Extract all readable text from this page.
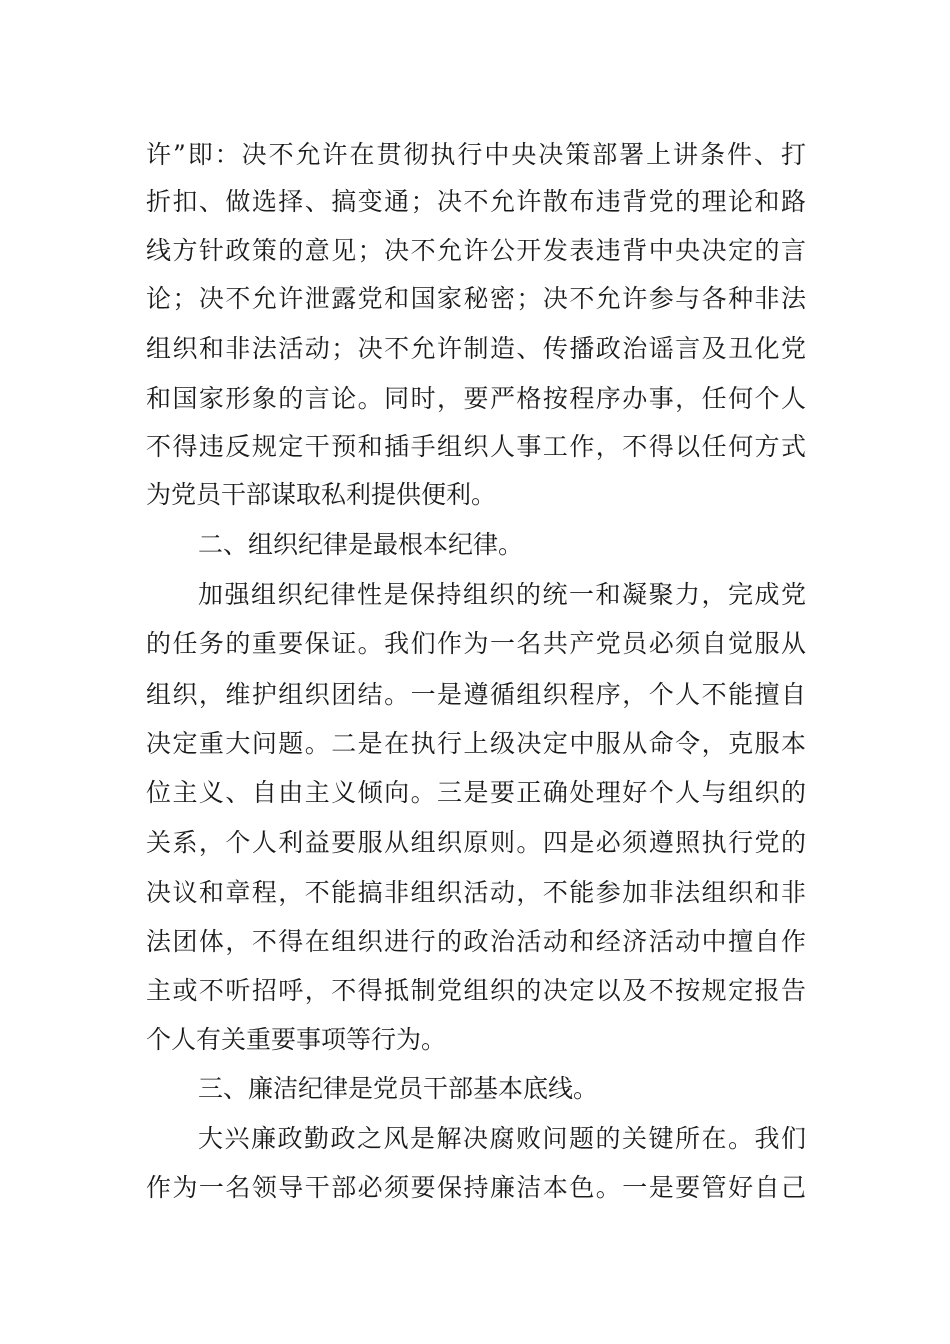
许”即：决不允许在贯彻执行中央决策部署上讲条件、打
折扣、做选择、搞变通；决不允许散布违背党的理论和路
线方针政策的意见；决不允许公开发表违背中央决定的言
论；决不允许泄露党和国家秘密；决不允许参与各种非法
组织和非法活动；决不允许制造、传播政治谣言及丑化党
和国家形象的言论。同时，要严格按程序办事，任何个人
不得违反规定干预和插手组织人事工作，不得以任何方式
为党员干部谋取私利提供便利。
二、组织纪律是最根本纪律。
加强组织纪律性是保持组织的统一和凝聚力，完成党
的任务的重要保证。我们作为一名共产党员必须自觉服从
组织，维护组织团结。一是遵循组织程序，个人不能擅自
决定重大问题。二是在执行上级决定中服从命令，克服本
位主义、自由主义倾向。三是要正确处理好个人与组织的
关系，个人利益要服从组织原则。四是必须遵照执行党的
决议和章程，不能搞非组织活动，不能参加非法组织和非
法团体，不得在组织进行的政治活动和经济活动中擅自作
主或不听招呼，不得抵制党组织的决定以及不按规定报告
个人有关重要事项等行为。
三、廉洁纪律是党员干部基本底线。
大兴廉政勤政之风是解决腐败问题的关键所在。我们
作为一名领导干部必须要保持廉洁本色。一是要管好自己
